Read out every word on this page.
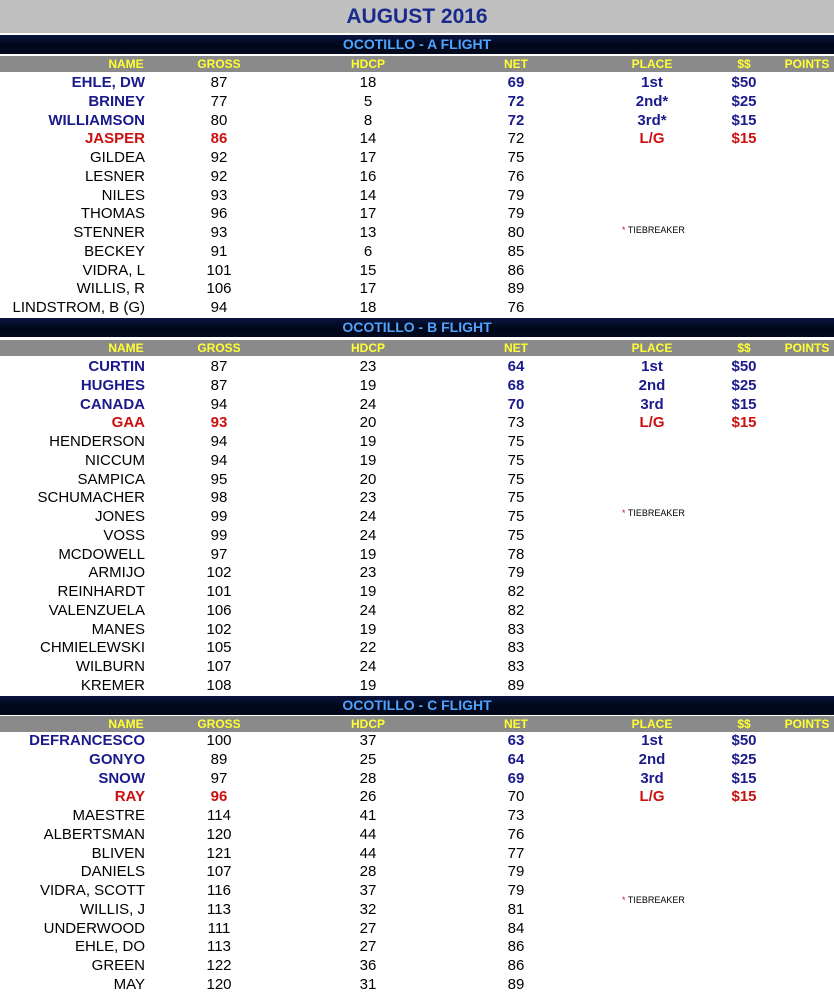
AUGUST 2016
OCOTILLO - A FLIGHT
NAME	GROSS	HDCP	NET	PLACE	$$	POINTS
EHLE, DW	87	18	69	1st	$50
BRINEY	77	5	72	2nd*	$25
WILLIAMSON	80	8	72	3rd*	$15
JASPER	86	14	72	L/G	$15
GILDEA	92	17	75
LESNER	92	16	76
NILES	93	14	79
THOMAS	96	17	79
STENNER	93	13	80
BECKEY	91	6	85
VIDRA, L	101	15	86
WILLIS, R	106	17	89
LINDSTROM, B (G)	94	18	76
* TIEBREAKER
OCOTILLO - B FLIGHT
NAME	GROSS	HDCP	NET	PLACE	$$	POINTS
CURTIN	87	23	64	1st	$50
HUGHES	87	19	68	2nd	$25
CANADA	94	24	70	3rd	$15
GAA	93	20	73	L/G	$15
HENDERSON	94	19	75
NICCUM	94	19	75
SAMPICA	95	20	75
SCHUMACHER	98	23	75
JONES	99	24	75
VOSS	99	24	75
MCDOWELL	97	19	78
ARMIJO	102	23	79
REINHARDT	101	19	82
VALENZUELA	106	24	82
MANES	102	19	83
CHMIELEWSKI	105	22	83
WILBURN	107	24	83
KREMER	108	19	89
* TIEBREAKER
OCOTILLO - C FLIGHT
NAME	GROSS	HDCP	NET	PLACE	$$	POINTS
DEFRANCESCO	100	37	63	1st	$50
GONYO	89	25	64	2nd	$25
SNOW	97	28	69	3rd	$15
RAY	96	26	70	L/G	$15
MAESTRE	114	41	73
ALBERTSMAN	120	44	76
BLIVEN	121	44	77
DANIELS	107	28	79
VIDRA, SCOTT	116	37	79
WILLIS, J	113	32	81
UNDERWOOD	111	27	84
EHLE, DO	113	27	86
GREEN	122	36	86
MAY	120	31	89
* TIEBREAKER
